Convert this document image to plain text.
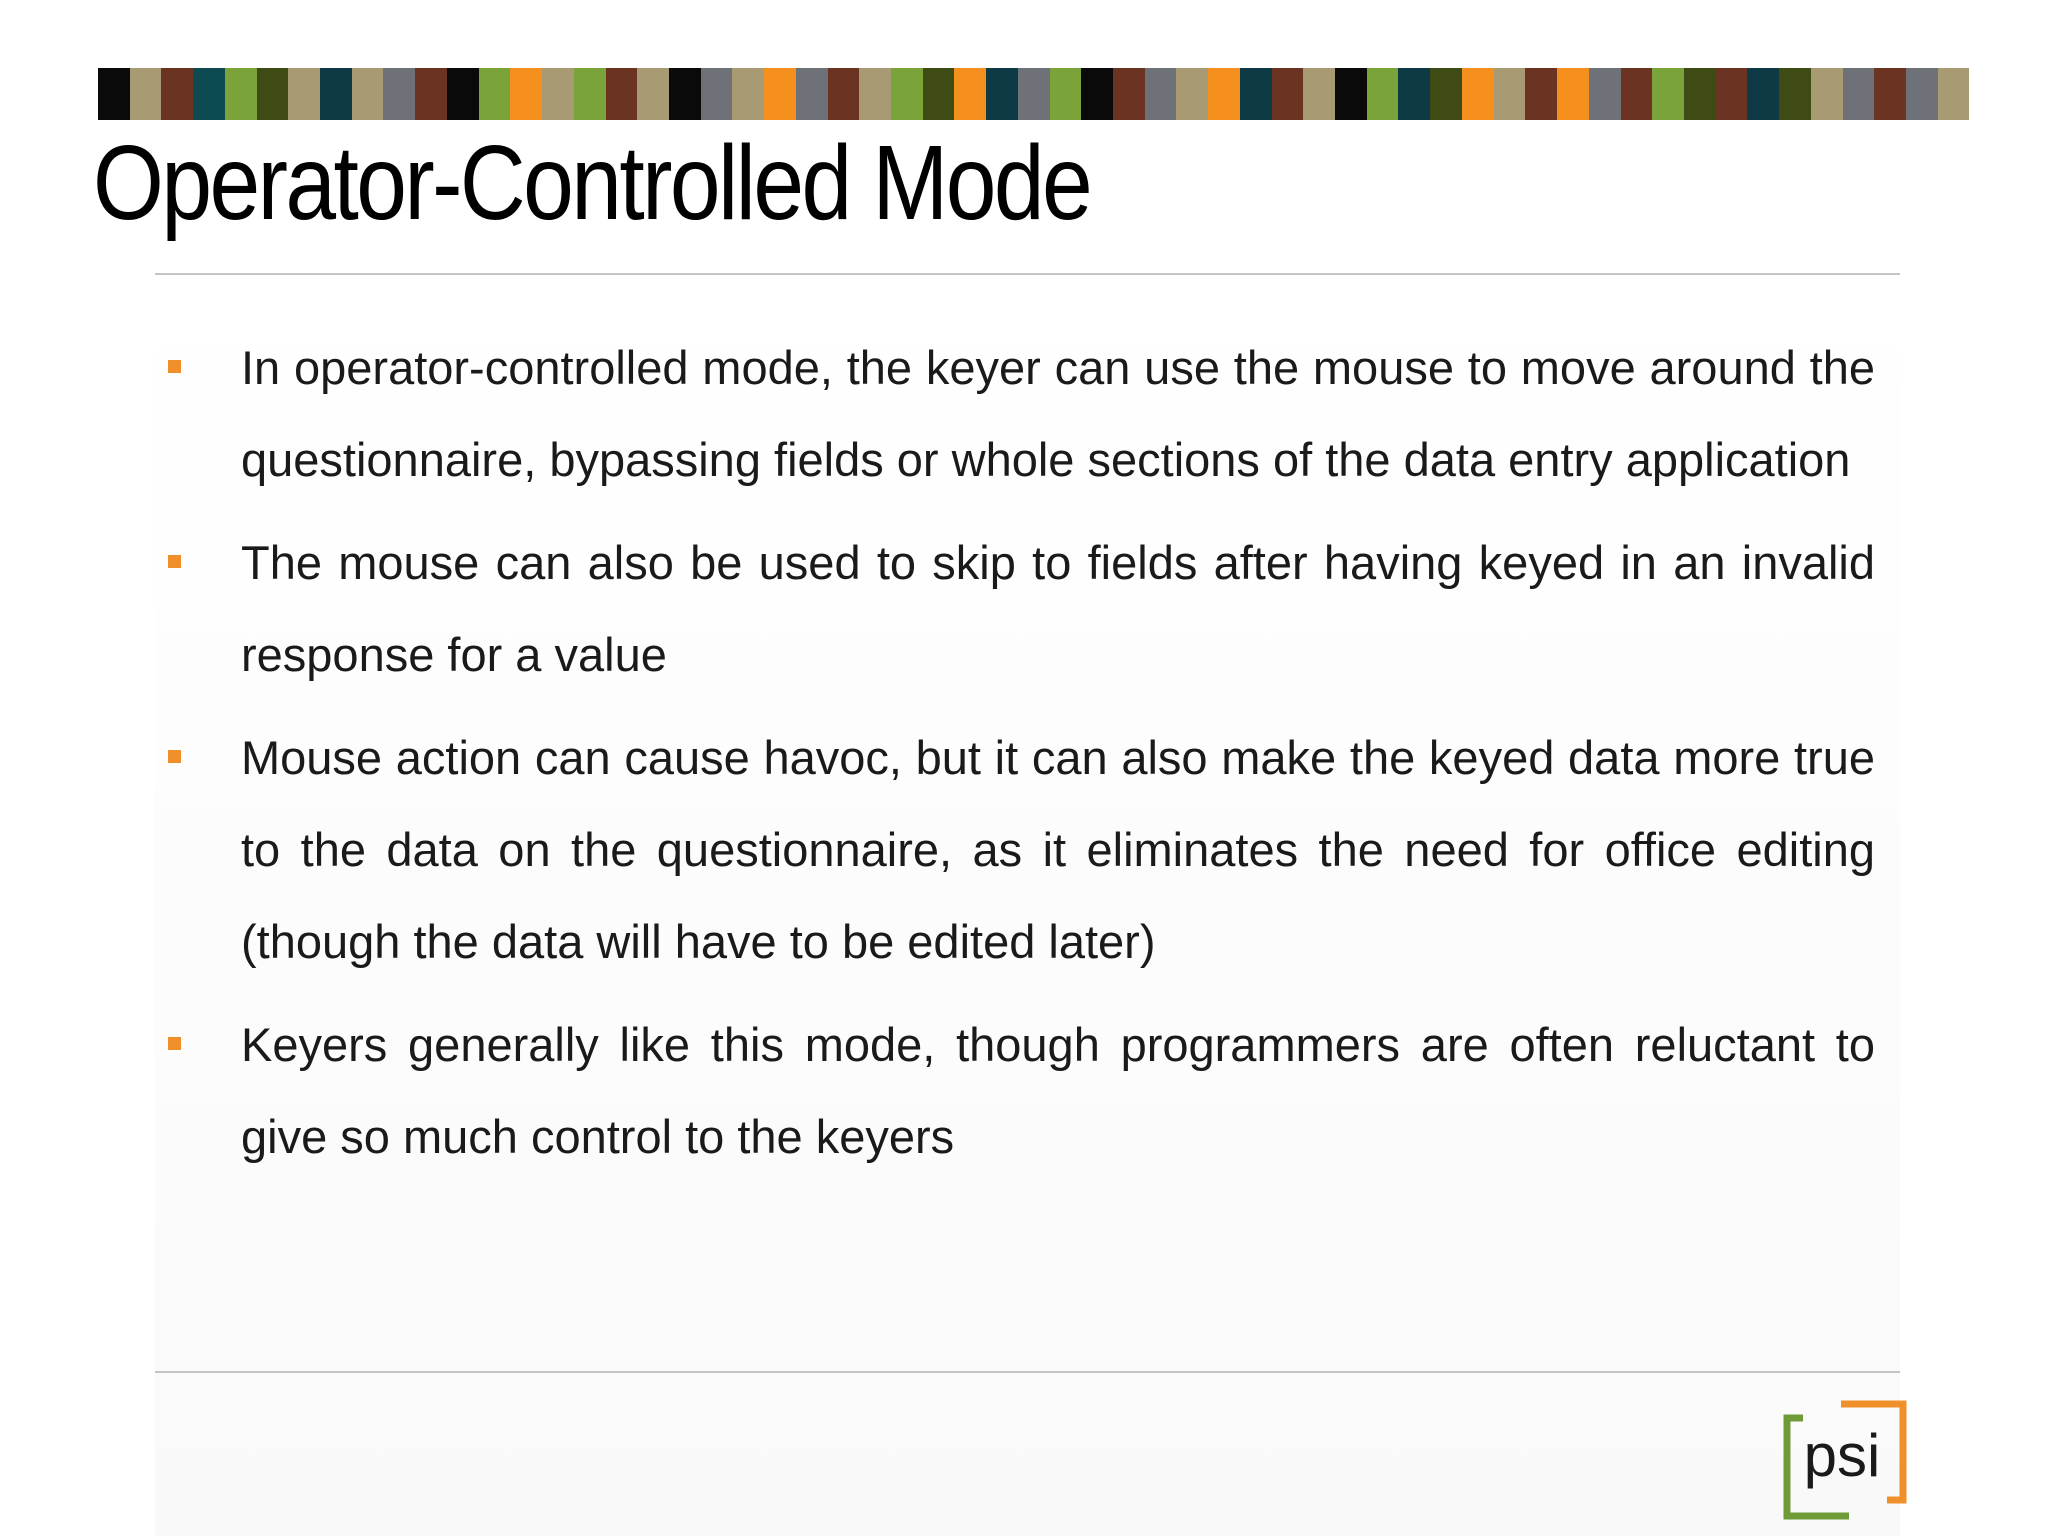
Operator-Controlled Mode
In operator-controlled mode, the keyer can use the mouse to move around the questionnaire, bypassing fields or whole sections of the data entry application
The mouse can also be used to skip to fields after having keyed in an invalid response for a value
Mouse action can cause havoc, but it can also make the keyed data more true to the data on the questionnaire, as it eliminates the need for office editing (though the data will have to be edited later)
Keyers generally like this mode, though programmers are often reluctant to give so much control to the keyers
psi
